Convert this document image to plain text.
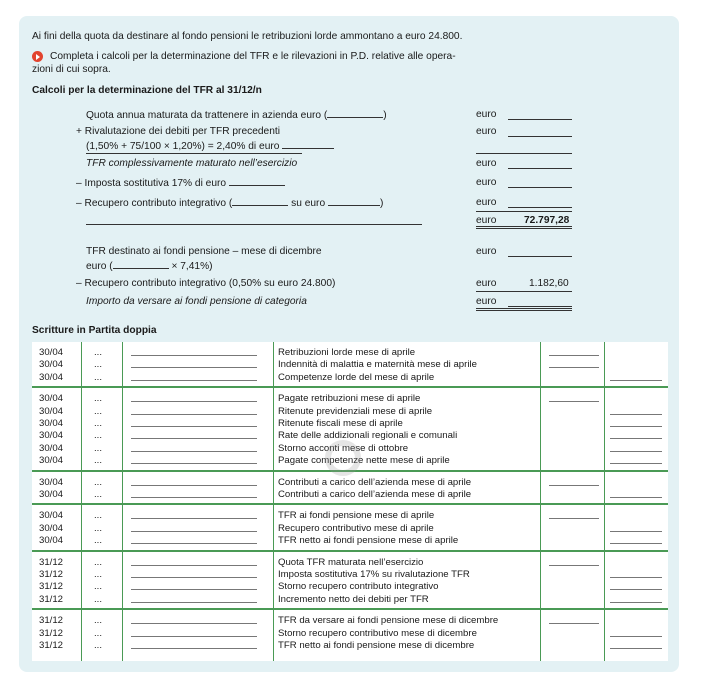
Ai fini della quota da destinare al fondo pensioni le retribuzioni lorde ammontano a euro 24.800.
Completa i calcoli per la determinazione del TFR e le rilevazioni in P.D. relative alle opera-
zioni di cui sopra.
Calcoli per la determinazione del TFR al 31/12/n
Quota annua maturata da trattenere in azienda euro (	)	euro
+ Rivalutazione dei debiti per TFR precedenti
(1,50% + 75/100 × 1,20%) = 2,40% di euro
euro
TFR complessivamente maturato nell’esercizio	euro
– Imposta sostitutiva 17% di euro	euro
– Recupero contributo integrativo (	su euro	)	euro
euro	72.797,28
TFR destinato ai fondi pensione – mese di dicembre
euro (	× 7,41%)
euro
– Recupero contributo integrativo (0,50% su euro 24.800)	euro	1.182,60
Importo da versare ai fondi pensione di categoria	euro
Scritture in Partita doppia
30/04	...	Retribuzioni lorde mese di aprile
30/04	...	Indennità di malattia e maternità mese di aprile
30/04	...	Competenze lorde del mese di aprile
30/04	...	Pagate retribuzioni mese di aprile
30/04	...	Ritenute previdenziali mese di aprile
30/04	...	Ritenute fiscali mese di aprile
30/04	...	Rate delle addizionali regionali e comunali
30/04	...	Storno acconti mese di ottobre
30/04	...	Pagate competenze nette mese di aprile
30/04	...	Contributi a carico dell’azienda mese di aprile
30/04	...	Contributi a carico dell’azienda mese di aprile
30/04	...	TFR ai fondi pensione mese di aprile
30/04	...	Recupero contributivo mese di aprile
30/04	...	TFR netto ai fondi pensione mese di aprile
31/12	...	Quota TFR maturata nell’esercizio
31/12	...	Imposta sostitutiva 17% su rivalutazione TFR
31/12	...	Storno recupero contributo integrativo
31/12	...	Incremento netto dei debiti per TFR
31/12	...	TFR da versare ai fondi pensione mese di dicembre
31/12	...	Storno recupero contributivo mese di dicembre
31/12	...	TFR netto ai fondi pensione mese di dicembre
